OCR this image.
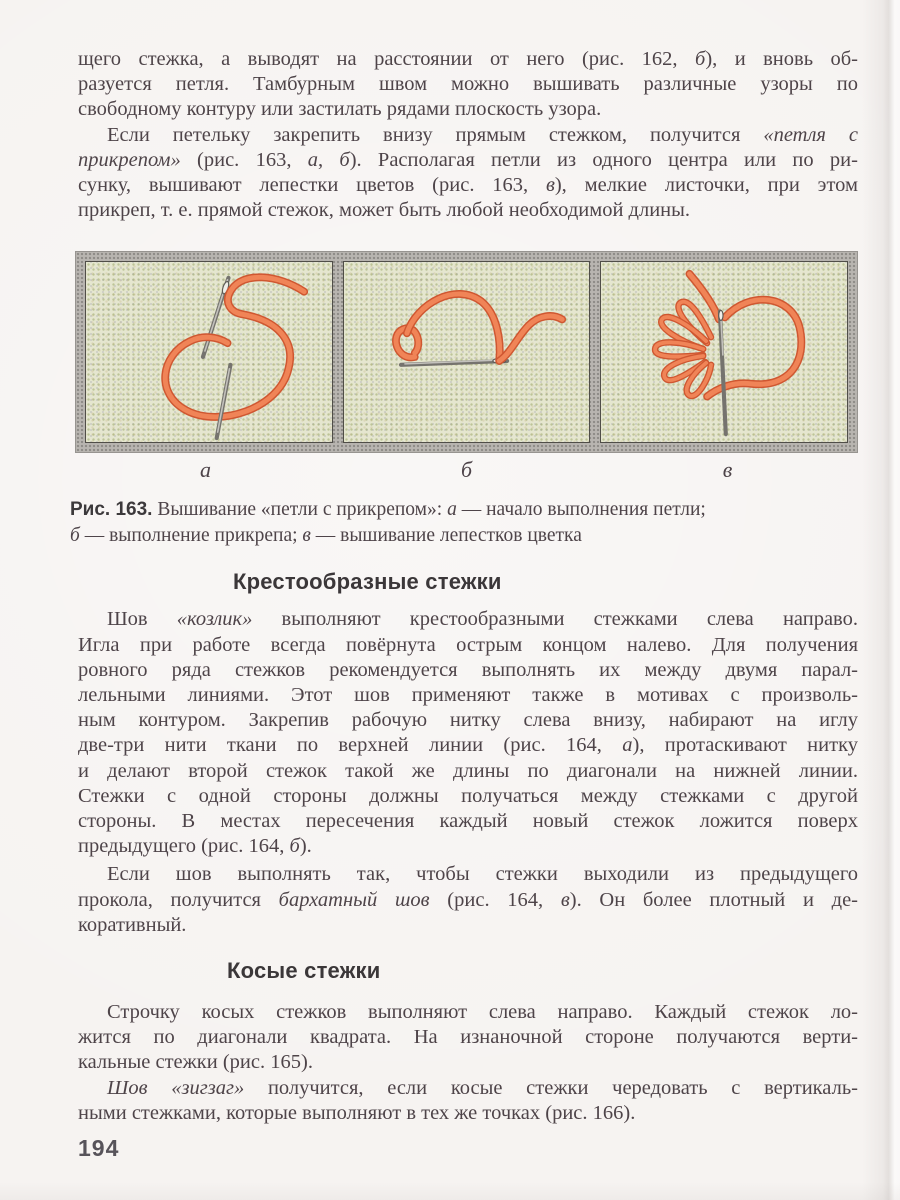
щего стежка, а выводят на расстоянии от него (рис. 162, б), и вновь об-
разуется петля. Тамбурным швом можно вышивать различные узоры по
свободному контуру или застилать рядами плоскость узора.
Если петельку закрепить внизу прямым стежком, получится «петля с
прикрепом» (рис. 163, а, б). Располагая петли из одного центра или по ри-
сунку, вышивают лепестки цветов (рис. 163, в), мелкие листочки, при этом
прикреп, т. е. прямой стежок, может быть любой необходимой длины.
а	б	в
Рис. 163. Вышивание «петли с прикрепом»: а — начало выполнения петли;
б — выполнение прикрепа; в — вышивание лепестков цветка
Крестообразные стежки
Шов «козлик» выполняют крестообразными стежками слева направо.
Игла при работе всегда повёрнута острым концом налево. Для получения
ровного ряда стежков рекомендуется выполнять их между двумя парал-
лельными линиями. Этот шов применяют также в мотивах с произволь-
ным контуром. Закрепив рабочую нитку слева внизу, набирают на иглу
две-три нити ткани по верхней линии (рис. 164, а), протаскивают нитку
и делают второй стежок такой же длины по диагонали на нижней линии.
Стежки с одной стороны должны получаться между стежками с другой
стороны. В местах пересечения каждый новый стежок ложится поверх
предыдущего (рис. 164, б).
Если шов выполнять так, чтобы стежки выходили из предыдущего
прокола, получится бархатный шов (рис. 164, в). Он более плотный и де-
коративный.
Косые стежки
Строчку косых стежков выполняют слева направо. Каждый стежок ло-
жится по диагонали квадрата. На изнаночной стороне получаются верти-
кальные стежки (рис. 165).
Шов «зигзаг» получится, если косые стежки чередовать с вертикаль-
ными стежками, которые выполняют в тех же точках (рис. 166).
194
